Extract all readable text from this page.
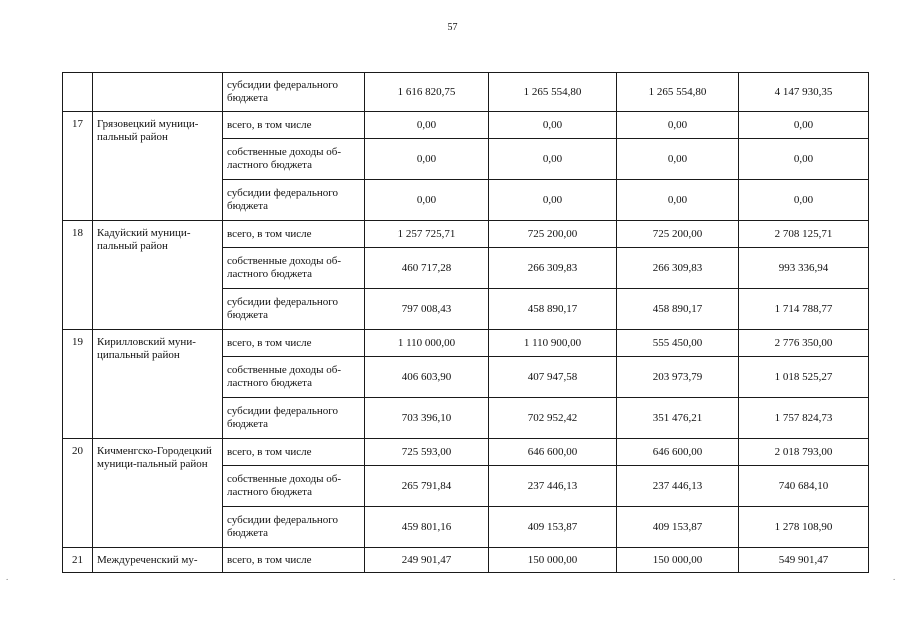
57
.	.
		субсидии федерального бюджета	1 616 820,75	1 265 554,80	1 265 554,80	4 147 930,35
17	Грязовецкий муници-пальный район	всего, в том числе	0,00	0,00	0,00	0,00
		собственные доходы об-ластного бюджета	0,00	0,00	0,00	0,00
		субсидии федерального бюджета	0,00	0,00	0,00	0,00
18	Кадуйский муници-пальный район	всего, в том числе	1 257 725,71	725 200,00	725 200,00	2 708 125,71
		собственные доходы об-ластного бюджета	460 717,28	266 309,83	266 309,83	993 336,94
		субсидии федерального бюджета	797 008,43	458 890,17	458 890,17	1 714 788,77
19	Кирилловский муни-ципальный район	всего, в том числе	1 110 000,00	1 110 900,00	555 450,00	2 776 350,00
		собственные доходы об-ластного бюджета	406 603,90	407 947,58	203 973,79	1 018 525,27
		субсидии федерального бюджета	703 396,10	702 952,42	351 476,21	1 757 824,73
20	Кичменгско-Городецкий муници-пальный район	всего, в том числе	725 593,00	646 600,00	646 600,00	2 018 793,00
		собственные доходы об-ластного бюджета	265 791,84	237 446,13	237 446,13	740 684,10
		субсидии федерального бюджета	459 801,16	409 153,87	409 153,87	1 278 108,90
21	Междуреченский му-	всего, в том числе	249 901,47	150 000,00	150 000,00	549 901,47
